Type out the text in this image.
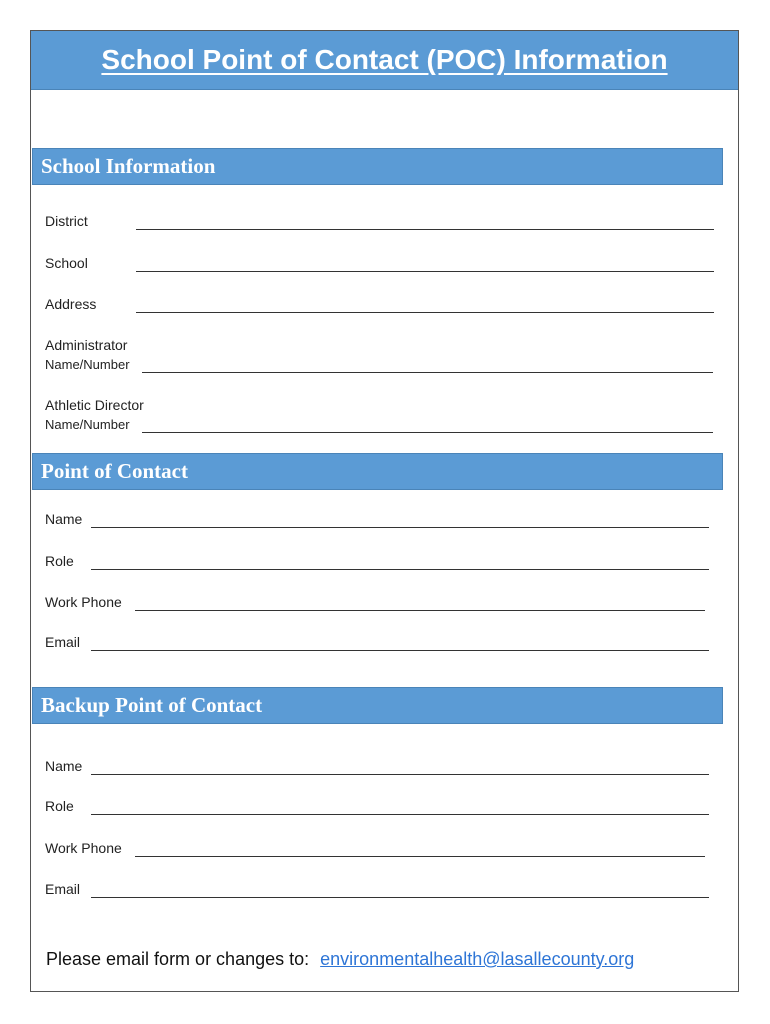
School Point of Contact (POC) Information
School Information
District
School
Address
Administrator
Name/Number
Athletic Director
Name/Number
Point of Contact
Name
Role
Work Phone
Email
Backup Point of Contact
Name
Role
Work Phone
Email
Please email form or changes to: environmentalhealth@lasallecounty.org
